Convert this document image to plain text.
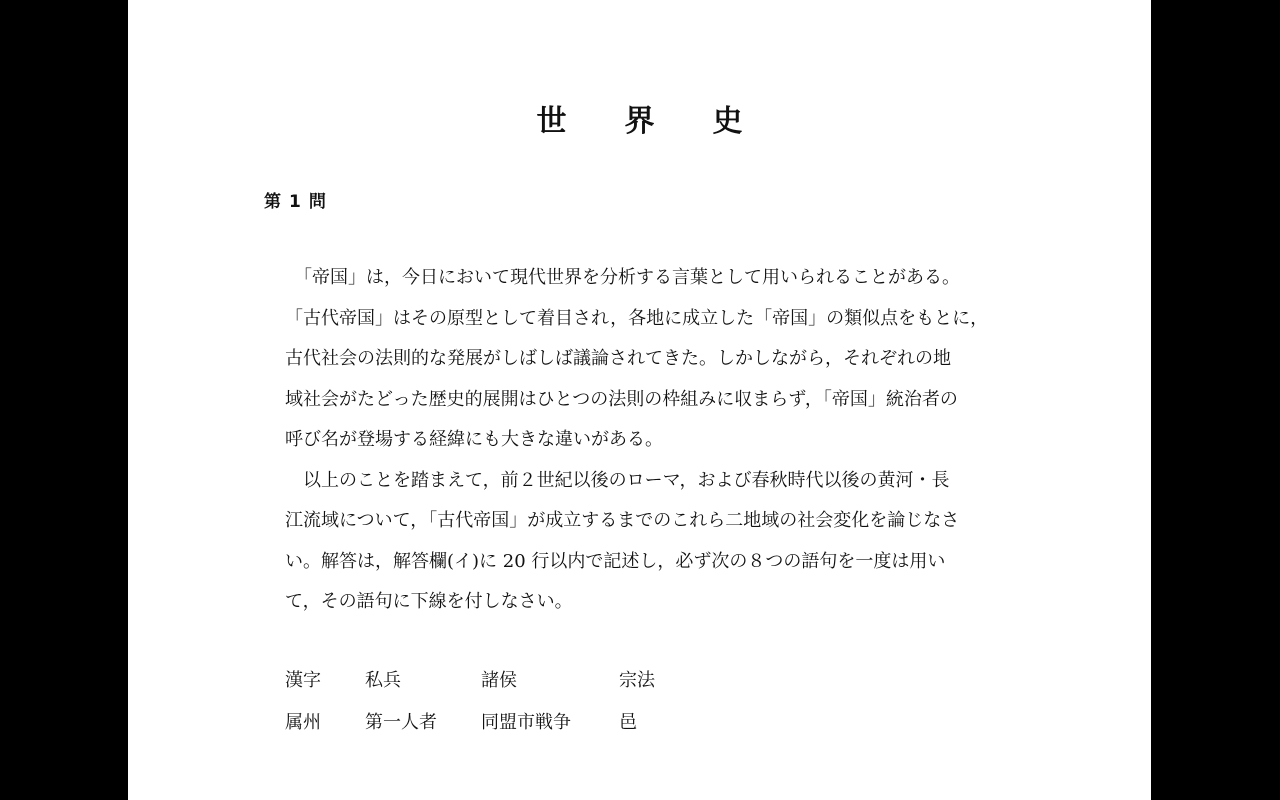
世 界 史
第 1 問
　「帝国」は，今日において現代世界を分析する言葉として用いられることがある。
「古代帝国」はその原型として着目され，各地に成立した「帝国」の類似点をもとに，
古代社会の法則的な発展がしばしば議論されてきた。しかしながら，それぞれの地
域社会がたどった歴史的展開はひとつの法則の枠組みに収まらず，「帝国」統治者の
呼び名が登場する経緯にも大きな違いがある。
　以上のことを踏まえて，前２世紀以後のローマ，および春秋時代以後の黄河・長
江流域について，「古代帝国」が成立するまでのこれら二地域の社会変化を論じなさ
い。解答は，解答欄(イ)に 20 行以内で記述し，必ず次の８つの語句を一度は用い
て，その語句に下線を付しなさい。
漢字	私兵	諸侯	宗法
属州	第一人者	同盟市戦争	邑
